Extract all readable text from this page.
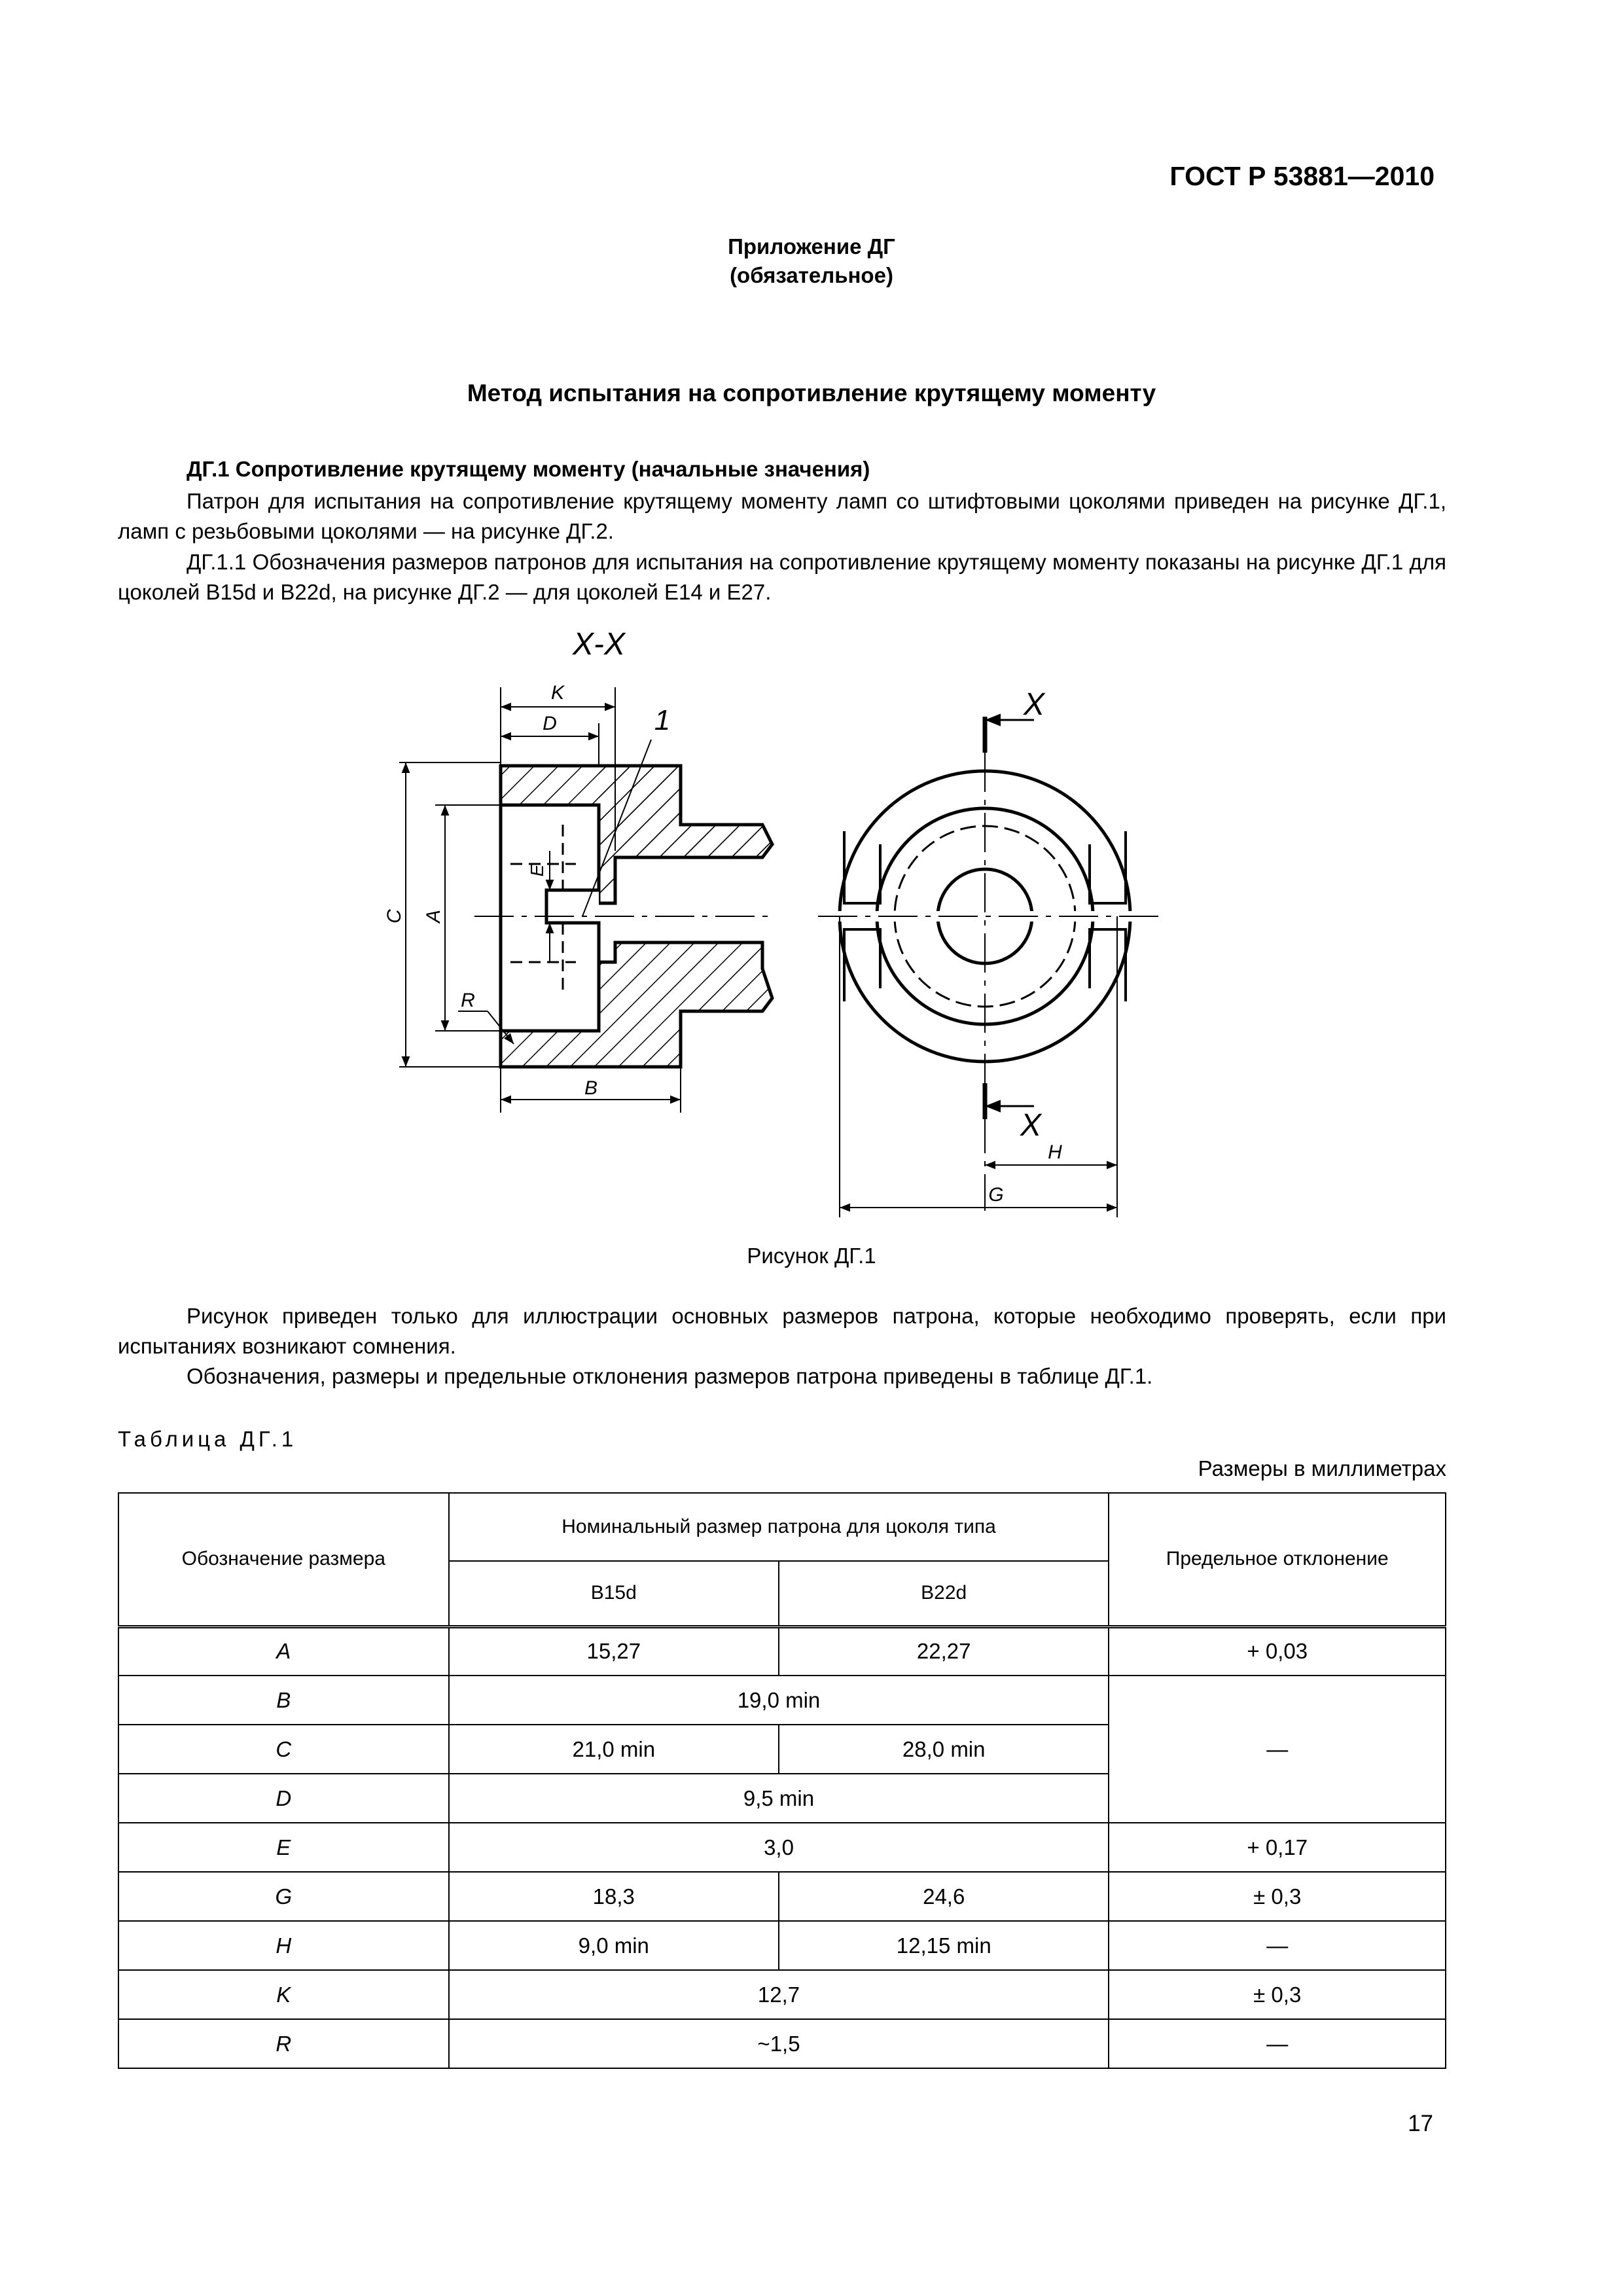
ГОСТ Р 53881—2010
Приложение ДГ
(обязательное)
Метод испытания на сопротивление крутящему моменту
ДГ.1 Сопротивление крутящему моменту (начальные значения)
Патрон для испытания на сопротивление крутящему моменту ламп со штифтовыми цоколями приведен на рисунке ДГ.1, ламп с резьбовыми цоколями — на рисунке ДГ.2.
ДГ.1.1 Обозначения размеров патронов для испытания на сопротивление крутящему моменту показаны на рисунке ДГ.1 для цоколей B15d и B22d, на рисунке ДГ.2 — для цоколей E14 и E27.
X-X
K
D	1
C A
E
R
B
X
X
H
G
Рисунок ДГ.1
Рисунок приведен только для иллюстрации основных размеров патрона, которые необходимо проверять, если при испытаниях возникают сомнения.
Обозначения, размеры и предельные отклонения размеров патрона приведены в таблице ДГ.1.
Таблица ДГ.1
Размеры в миллиметрах
Обозначение размера	Номинальный размер патрона для цоколя типа		Предельное отклонение
	B15d	B22d	
A	15,27	22,27	+ 0,03
B	19,0 min		—
C	21,0 min	28,0 min	
D	9,5 min		
E	3,0		+ 0,17
G	18,3	24,6	± 0,3
H	9,0 min	12,15 min	—
K	12,7		± 0,3
R	~1,5		—
17
